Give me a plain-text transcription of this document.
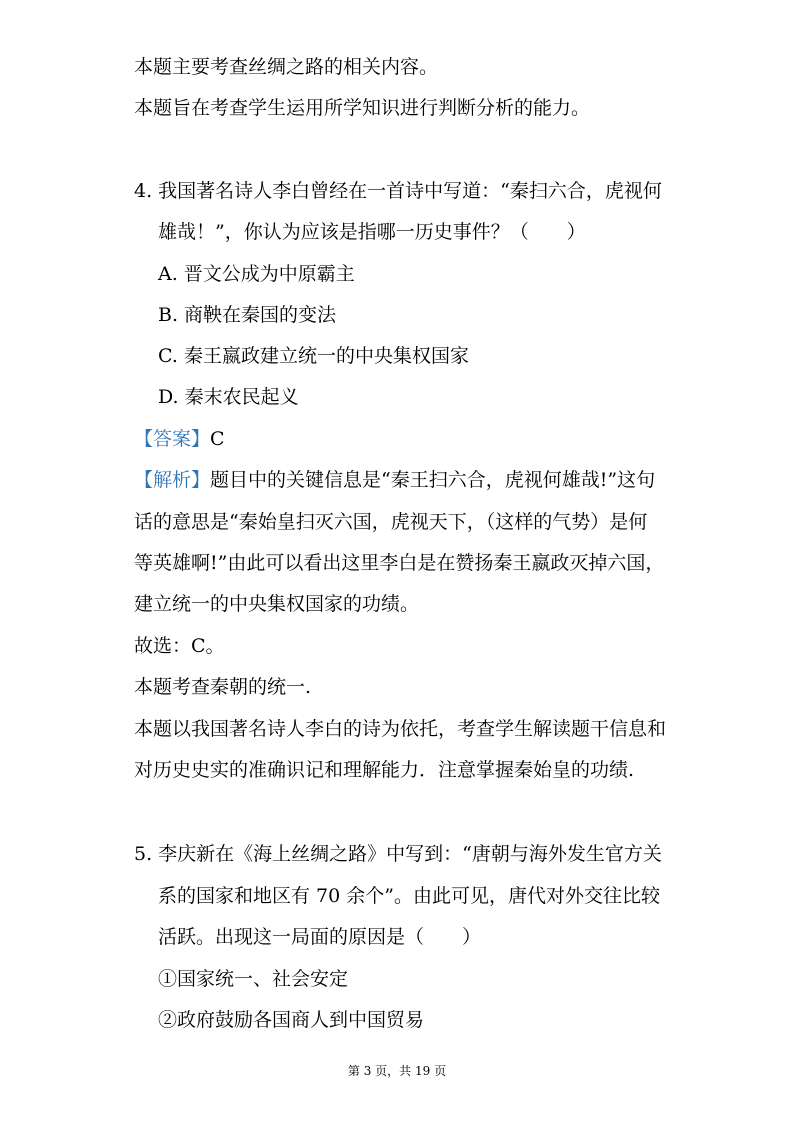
本题主要考查丝绸之路的相关内容。
本题旨在考查学生运用所学知识进行判断分析的能力。
4. 我国著名诗人李白曾经在一首诗中写道：“秦扫六合，虎视何
雄哉！”，你认为应该是指哪一历史事件？（　　）
A. 晋文公成为中原霸主
B. 商鞅在秦国的变法
C. 秦王嬴政建立统一的中央集权国家
D. 秦末农民起义
【答案】C
【解析】题目中的关键信息是“秦王扫六合，虎视何雄哉!”这句
话的意思是“秦始皇扫灭六国，虎视天下，（这样的气势）是何
等英雄啊!”由此可以看出这里李白是在赞扬秦王嬴政灭掉六国，
建立统一的中央集权国家的功绩。
故选：C。
本题考查秦朝的统一.
本题以我国著名诗人李白的诗为依托，考查学生解读题干信息和
对历史史实的准确识记和理解能力．注意掌握秦始皇的功绩.
5. 李庆新在《海上丝绸之路》中写到：“唐朝与海外发生官方关
系的国家和地区有 70 余个”。由此可见，唐代对外交往比较
活跃。出现这一局面的原因是（　　）
①国家统一、社会安定
②政府鼓励各国商人到中国贸易
第 3 页，共 19 页
